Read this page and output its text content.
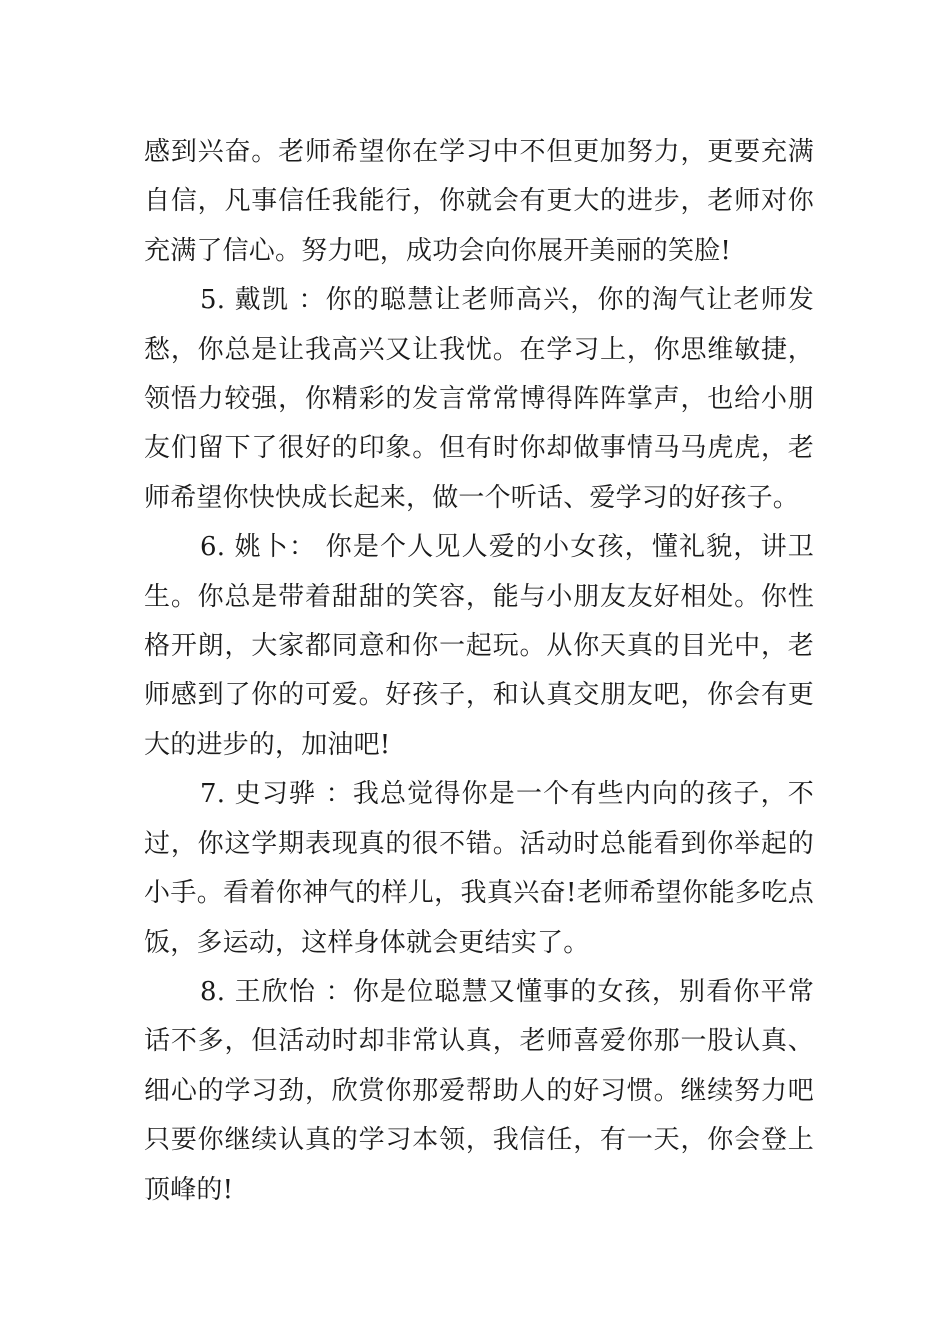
感到兴奋。老师希望你在学习中不但更加努力，更要充满自信，凡事信任我能行，你就会有更大的进步，老师对你充满了信心。努力吧，成功会向你展开美丽的笑脸!

5. 戴凯 ：你的聪慧让老师高兴，你的淘气让老师发愁，你总是让我高兴又让我忧。在学习上，你思维敏捷，领悟力较强，你精彩的发言常常博得阵阵掌声，也给小朋友们留下了很好的印象。但有时你却做事情马马虎虎，老师希望你快快成长起来，做一个听话、爱学习的好孩子。

6. 姚卜： 你是个人见人爱的小女孩，懂礼貌，讲卫生。你总是带着甜甜的笑容，能与小朋友友好相处。你性格开朗，大家都同意和你一起玩。从你天真的目光中，老师感到了你的可爱。好孩子，和认真交朋友吧，你会有更大的进步的，加油吧!

7. 史习骅 ：我总觉得你是一个有些内向的孩子，不过，你这学期表现真的很不错。活动时总能看到你举起的小手。看着你神气的样儿，我真兴奋!老师希望你能多吃点饭，多运动，这样身体就会更结实了。

8. 王欣怡 ：你是位聪慧又懂事的女孩，别看你平常话不多，但活动时却非常认真，老师喜爱你那一股认真、细心的学习劲，欣赏你那爱帮助人的好习惯。继续努力吧只要你继续认真的学习本领，我信任，有一天，你会登上顶峰的!
